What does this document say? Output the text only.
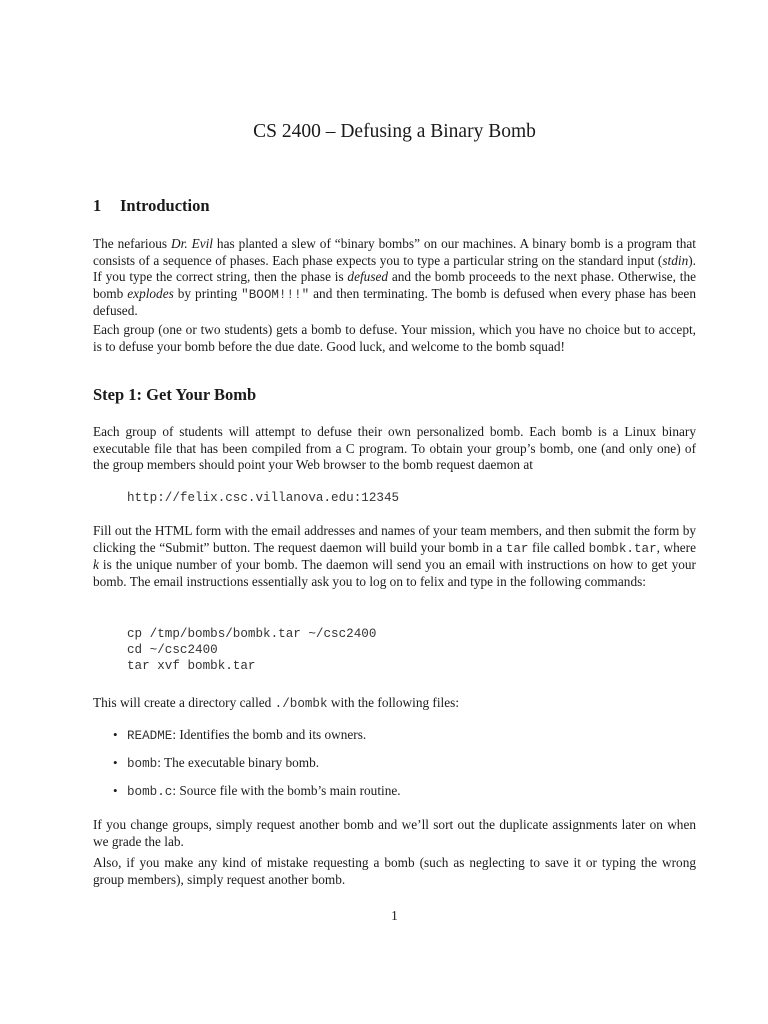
CS 2400 – Defusing a Binary Bomb
1 Introduction

The nefarious Dr. Evil has planted a slew of “binary bombs” on our machines. A binary bomb is a program that consists of a sequence of phases. Each phase expects you to type a particular string on the standard input (stdin). If you type the correct string, then the phase is defused and the bomb proceeds to the next phase. Otherwise, the bomb explodes by printing "BOOM!!!" and then terminating. The bomb is defused when every phase has been defused.

Each group (one or two students) gets a bomb to defuse. Your mission, which you have no choice but to accept, is to defuse your bomb before the due date. Good luck, and welcome to the bomb squad!

Step 1: Get Your Bomb

Each group of students will attempt to defuse their own personalized bomb. Each bomb is a Linux binary executable file that has been compiled from a C program. To obtain your group’s bomb, one (and only one) of the group members should point your Web browser to the bomb request daemon at

http://felix.csc.villanova.edu:12345

Fill out the HTML form with the email addresses and names of your team members, and then submit the form by clicking the “Submit” button. The request daemon will build your bomb in a tar file called bombk.tar, where k is the unique number of your bomb. The daemon will send you an email with instructions on how to get your bomb. The email instructions essentially ask you to log on to felix and type in the following commands:

cp /tmp/bombs/bombk.tar ~/csc2400
cd ~/csc2400
tar xvf bombk.tar

This will create a directory called ./bombk with the following files:

• README: Identifies the bomb and its owners.
• bomb: The executable binary bomb.
• bomb.c: Source file with the bomb’s main routine.

If you change groups, simply request another bomb and we’ll sort out the duplicate assignments later on when we grade the lab.

Also, if you make any kind of mistake requesting a bomb (such as neglecting to save it or typing the wrong group members), simply request another bomb.

1
